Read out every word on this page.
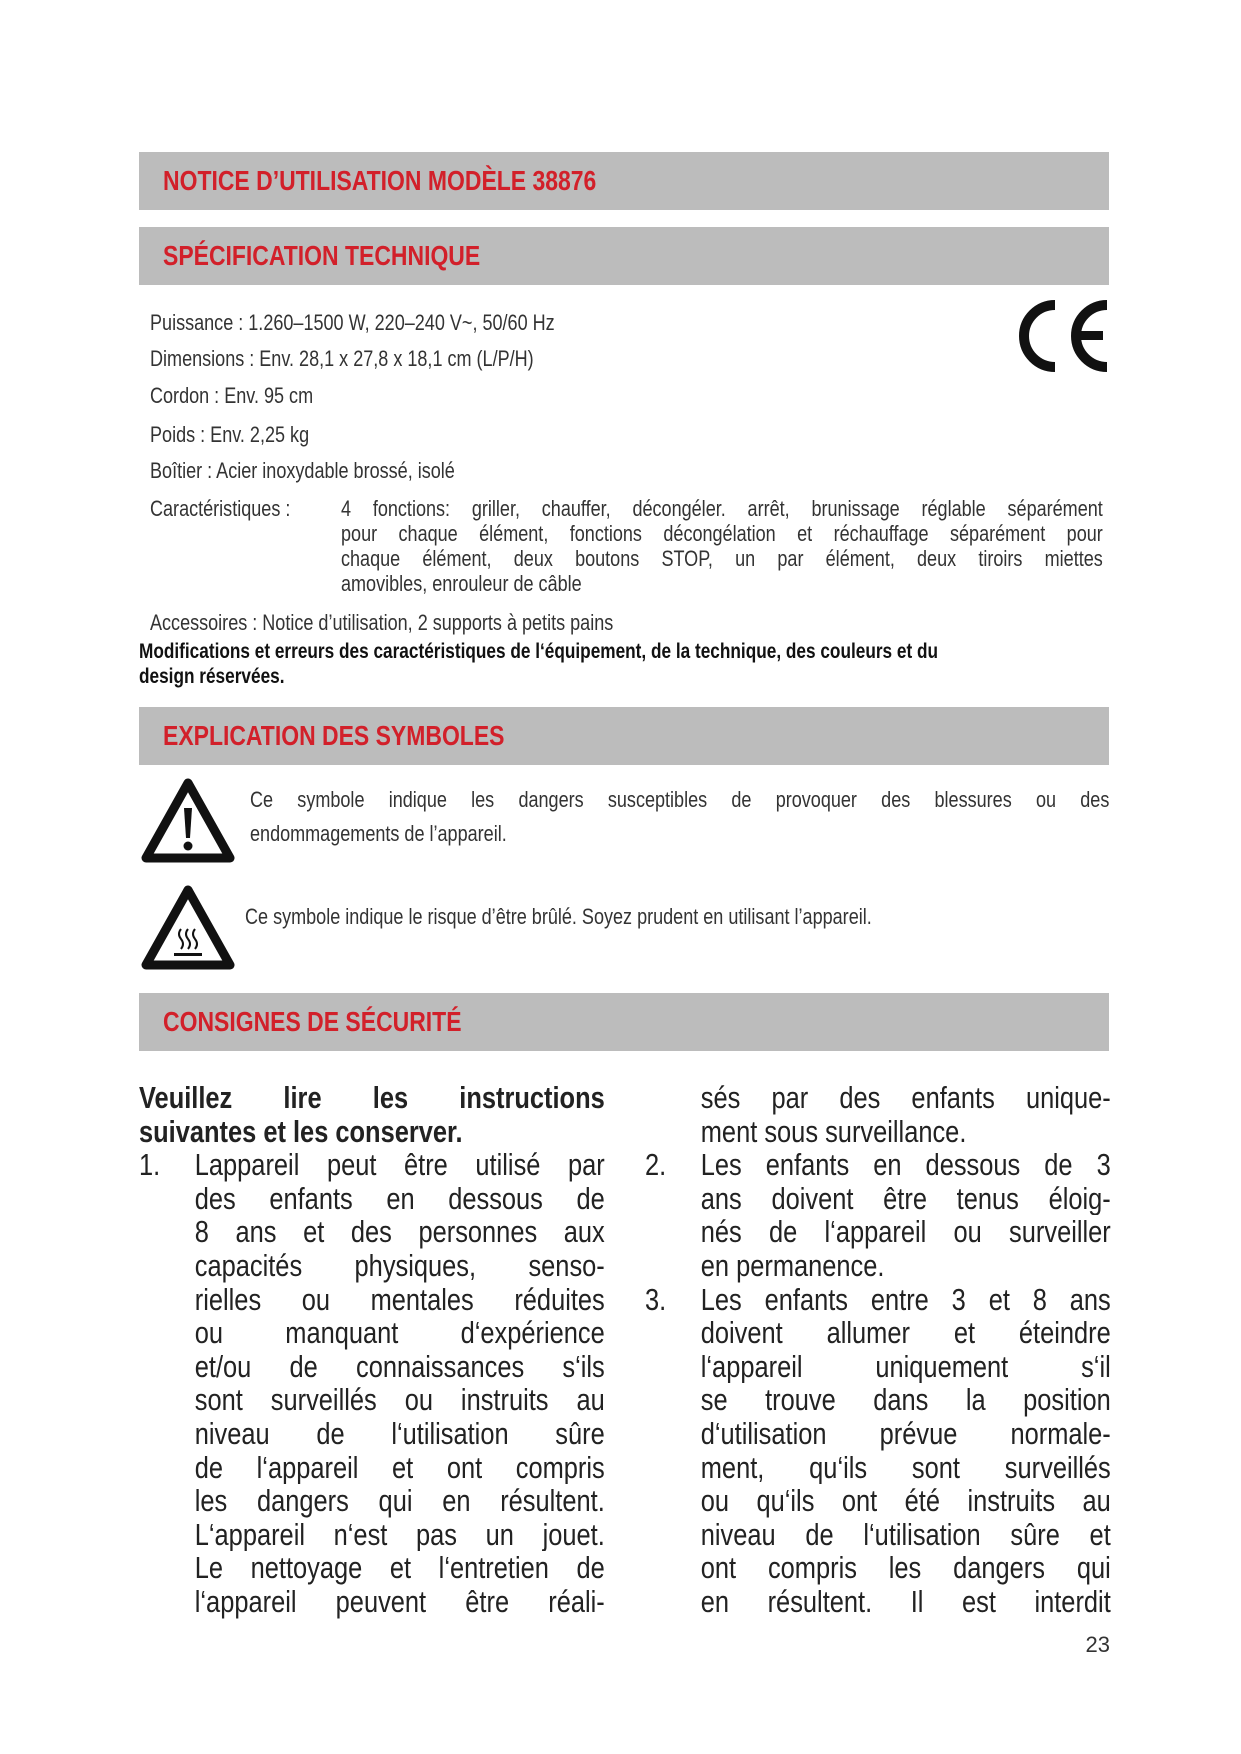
NOTICE D’UTILISATION MODÈLE 38876
SPÉCIFICATION TECHNIQUE
Puissance : 1.260–1500 W, 220–240 V~, 50/60 Hz
Dimensions : Env. 28,1 x 27,8 x 18,1 cm (L/P/H)
Cordon : Env. 95 cm
Poids : Env. 2,25 kg
Boîtier : Acier inoxydable brossé, isolé
Caractéristiques : 4 fonctions: griller, chauffer, décongéler. arrêt, brunissage réglable séparément
pour chaque élément, fonctions décongélation et réchauffage séparément pour
chaque élément, deux boutons STOP, un par élément, deux tiroirs miettes
amovibles, enrouleur de câble
Accessoires : Notice d’utilisation, 2 supports à petits pains
Modifications et erreurs des caractéristiques de l‘équipement, de la technique, des couleurs et du
design réservées.
EXPLICATION DES SYMBOLES
Ce symbole indique les dangers susceptibles de provoquer des blessures ou des
endommagements de l’appareil.
Ce symbole indique le risque d’être brûlé. Soyez prudent en utilisant l’appareil.
CONSIGNES DE SÉCURITÉ
Veuillez lire les instructions
suivantes et les conserver.
1. Lappareil peut être utilisé par
des enfants en dessous de
8 ans et des personnes aux
capacités physiques, senso-
rielles ou mentales réduites
ou manquant d‘expérience
et/ou de connaissances s‘ils
sont surveillés ou instruits au
niveau de l‘utilisation sûre
de l‘appareil et ont compris
les dangers qui en résultent.
L‘appareil n‘est pas un jouet.
Le nettoyage et l‘entretien de
l‘appareil peuvent être réali-
sés par des enfants unique-
ment sous surveillance.
2. Les enfants en dessous de 3
ans doivent être tenus éloig-
nés de l‘appareil ou surveiller
en permanence.
3. Les enfants entre 3 et 8 ans
doivent allumer et éteindre
l‘appareil uniquement s‘il
se trouve dans la position
d‘utilisation prévue normale-
ment, qu‘ils sont surveillés
ou qu‘ils ont été instruits au
niveau de l‘utilisation sûre et
ont compris les dangers qui
en résultent. Il est interdit
23
